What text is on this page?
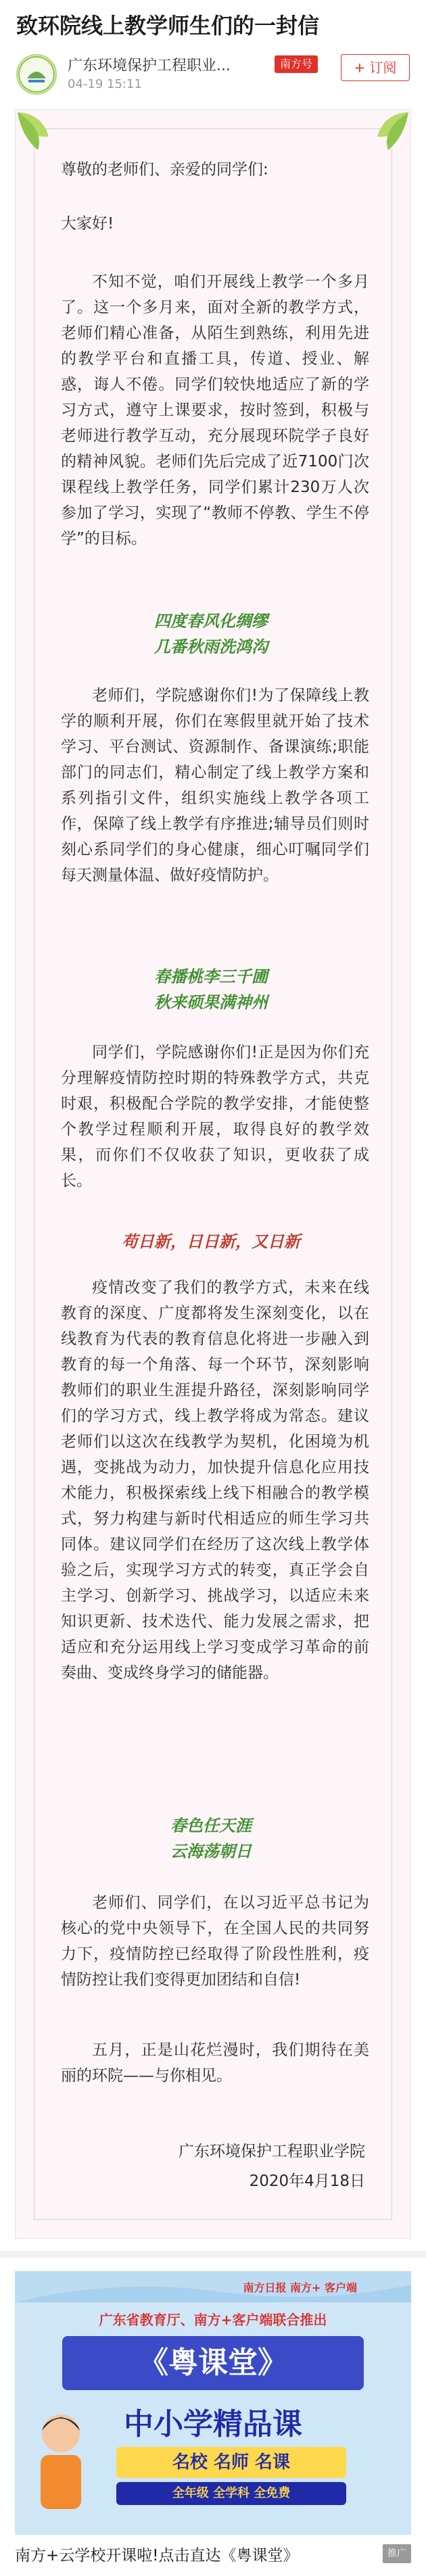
致环院线上教学师生们的一封信
广东环境保护工程职业...	南方号
04-19 15:11
+ 订阅
尊敬的老师们、亲爱的同学们:
大家好!
不知不觉，咱们开展线上教学一个多月了。这一个多月来，面对全新的教学方式，老师们精心准备，从陌生到熟练，利用先进的教学平台和直播工具，传道、授业、解惑，诲人不倦。同学们较快地适应了新的学习方式，遵守上课要求，按时签到，积极与老师进行教学互动，充分展现环院学子良好的精神风貌。老师们先后完成了近7100门次课程线上教学任务，同学们累计230万人次参加了学习，实现了“教师不停教、学生不停学”的目标。
四度春风化绸缪
几番秋雨洗鸿沟
老师们，学院感谢你们!为了保障线上教学的顺利开展，你们在寒假里就开始了技术学习、平台测试、资源制作、备课演练;职能部门的同志们，精心制定了线上教学方案和系列指引文件，组织实施线上教学各项工作，保障了线上教学有序推进;辅导员们则时刻心系同学们的身心健康，细心叮嘱同学们每天测量体温、做好疫情防护。
春播桃李三千圃
秋来硕果满神州
同学们，学院感谢你们!正是因为你们充分理解疫情防控时期的特殊教学方式，共克时艰，积极配合学院的教学安排，才能使整个教学过程顺利开展，取得良好的教学效果，而你们不仅收获了知识，更收获了成长。
苟日新，日日新，又日新
疫情改变了我们的教学方式，未来在线教育的深度、广度都将发生深刻变化，以在线教育为代表的教育信息化将进一步融入到教育的每一个角落、每一个环节，深刻影响教师们的职业生涯提升路径，深刻影响同学们的学习方式，线上教学将成为常态。建议老师们以这次在线教学为契机，化困境为机遇，变挑战为动力，加快提升信息化应用技术能力，积极探索线上线下相融合的教学模式，努力构建与新时代相适应的师生学习共同体。建议同学们在经历了这次线上教学体验之后，实现学习方式的转变，真正学会自主学习、创新学习、挑战学习，以适应未来知识更新、技术迭代、能力发展之需求，把适应和充分运用线上学习变成学习革命的前奏曲、变成终身学习的储能器。
春色任天涯
云海荡朝日
老师们、同学们，在以习近平总书记为核心的党中央领导下，在全国人民的共同努力下，疫情防控已经取得了阶段性胜利，疫情防控让我们变得更加团结和自信!
五月，正是山花烂漫时，我们期待在美丽的环院——与你相见。
广东环境保护工程职业学院
2020年4月18日
南方日报 南方+ 客户端
广东省教育厅、南方+客户端联合推出
《粤课堂》
中小学精品课
名校 名师 名课
全年级 全学科 全免费
南方+云学校开课啦!点击直达《粤课堂》	推广
